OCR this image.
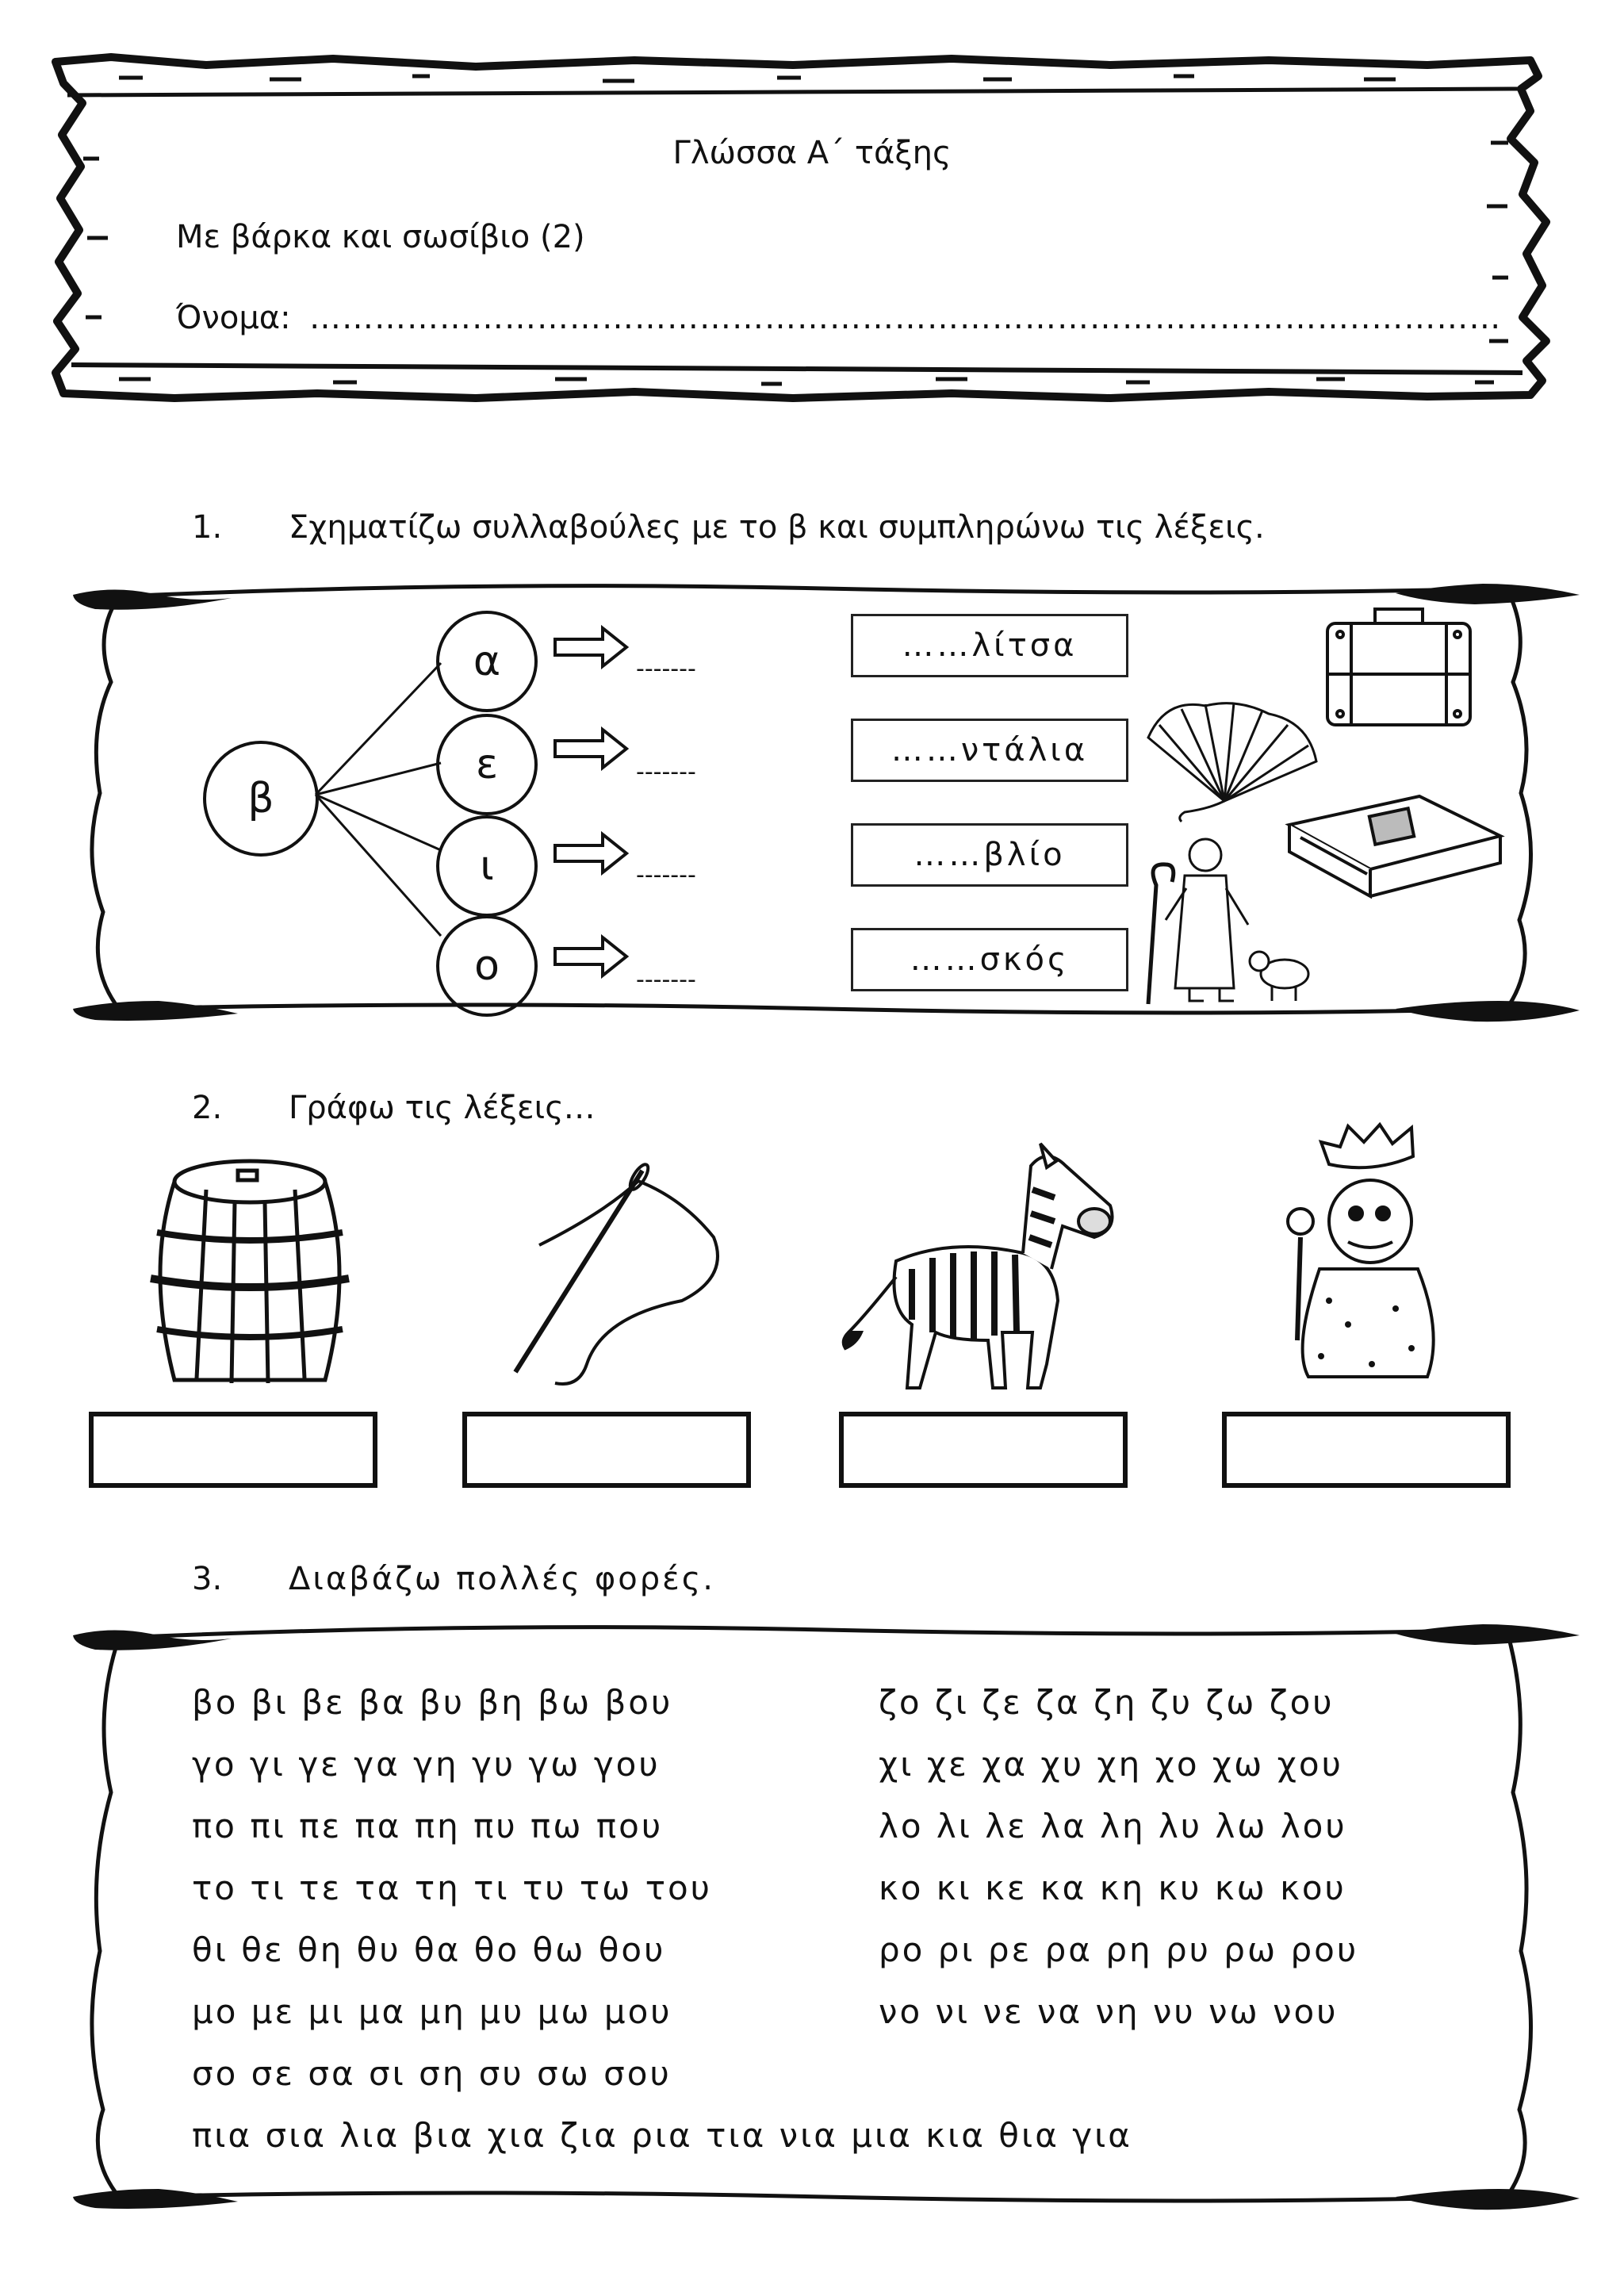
Γλώσσα Α΄ τάξης
Με βάρκα και σωσίβιο (2)
Όνομα: ……………………………………………………………………………………..…………
1. Σχηματίζω συλλαβούλες με το β και συμπληρώνω τις λέξεις.
β
α
ε
ι
ο
-------
-------
-------
-------
……λίτσα
……ντάλια
……βλίο
……σκός
2. Γράφω τις λέξεις…
3. Διαβάζω πολλές φορές.
βο βι βε βα βυ βη βω βου
γο γι γε γα γη γυ γω γου
πο πι πε πα πη πυ πω που
το τι τε τα τη τι τυ τω του
θι θε θη θυ θα θο θω θου
μο με μι μα μη μυ μω μου
σο σε σα σι ση συ σω σου
ζο ζι ζε ζα ζη ζυ ζω ζου
χι χε χα χυ χη χο χω χου
λο λι λε λα λη λυ λω λου
κο κι κε κα κη κυ κω κου
ρο ρι ρε ρα ρη ρυ ρω ρου
νο νι νε να νη νυ νω νου
πια σια λια βια χια ζια ρια τια νια μια κια θια για
